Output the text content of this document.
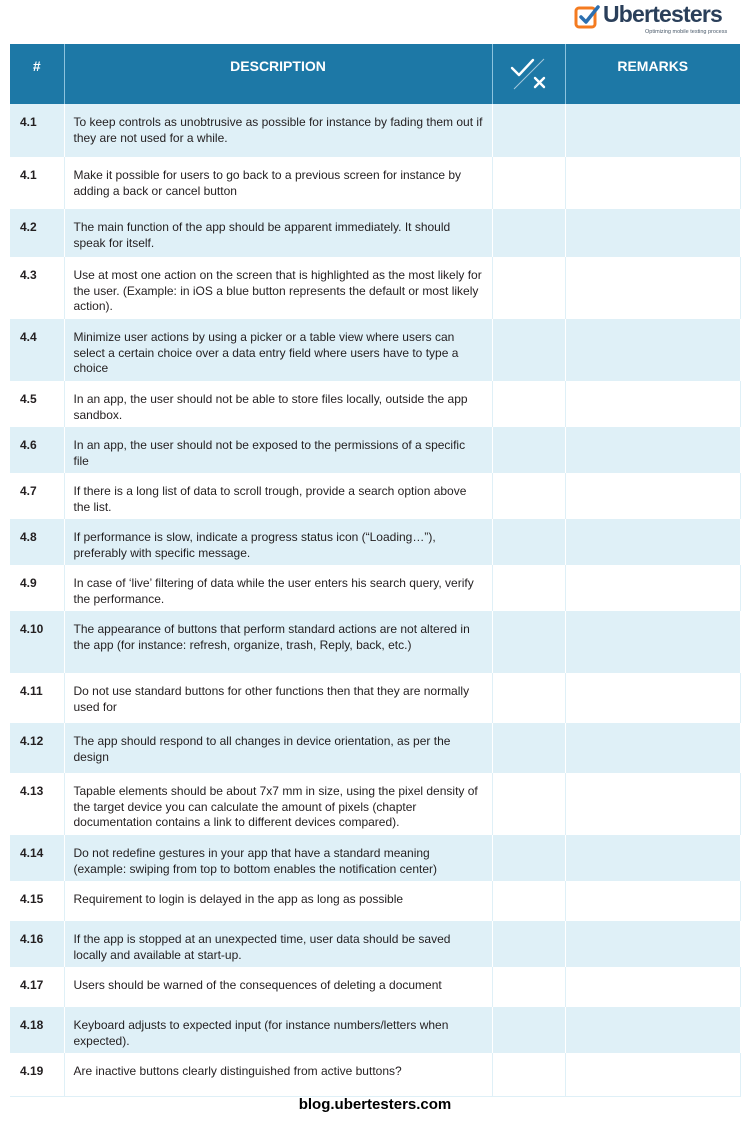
Ubertesters
Optimizing mobile testing process
#	DESCRIPTION		REMARKS
4.1	To keep controls as unobtrusive as possible for instance by fading them out if they are not used for a while.		
4.1	Make it possible for users to go back to a previous screen for instance by adding a back or cancel button		
4.2	The main function of the app should be apparent immediately. It should speak for itself.		
4.3	Use at most one action on the screen that is highlighted as the most likely for the user. (Example: in iOS a blue button represents the default or most likely action).		
4.4	Minimize user actions by using a picker or a table view where users can select a certain choice over a data entry field where users have to type a choice		
4.5	In an app, the user should not be able to store files locally, outside the app sandbox.		
4.6	In an app, the user should not be exposed to the permissions of a specific file		
4.7	If there is a long list of data to scroll trough, provide a search option above the list.		
4.8	If performance is slow, indicate a progress status icon (“Loading…”), preferably with specific message.		
4.9	In case of ‘live’ filtering of data while the user enters his search query, verify the performance.		
4.10	The appearance of buttons that perform standard actions are not altered in the app (for instance: refresh, organize, trash, Reply, back, etc.)		
4.11	Do not use standard buttons for other functions then that they are normally used for		
4.12	The app should respond to all changes in device orientation, as per the design		
4.13	Tapable elements should be about 7x7 mm in size, using the pixel density of the target device you can calculate the amount of pixels (chapter documentation contains a link to different devices compared).		
4.14	Do not redefine gestures in your app that have a standard meaning (example: swiping from top to bottom enables the notification center)		
4.15	Requirement to login is delayed in the app as long as possible		
4.16	If the app is stopped at an unexpected time, user data should be saved locally and available at start-up.		
4.17	Users should be warned of the consequences of deleting a document		
4.18	Keyboard adjusts to expected input (for instance numbers/letters when expected).		
4.19	Are inactive buttons clearly distinguished from active buttons?		
blog.ubertesters.com
